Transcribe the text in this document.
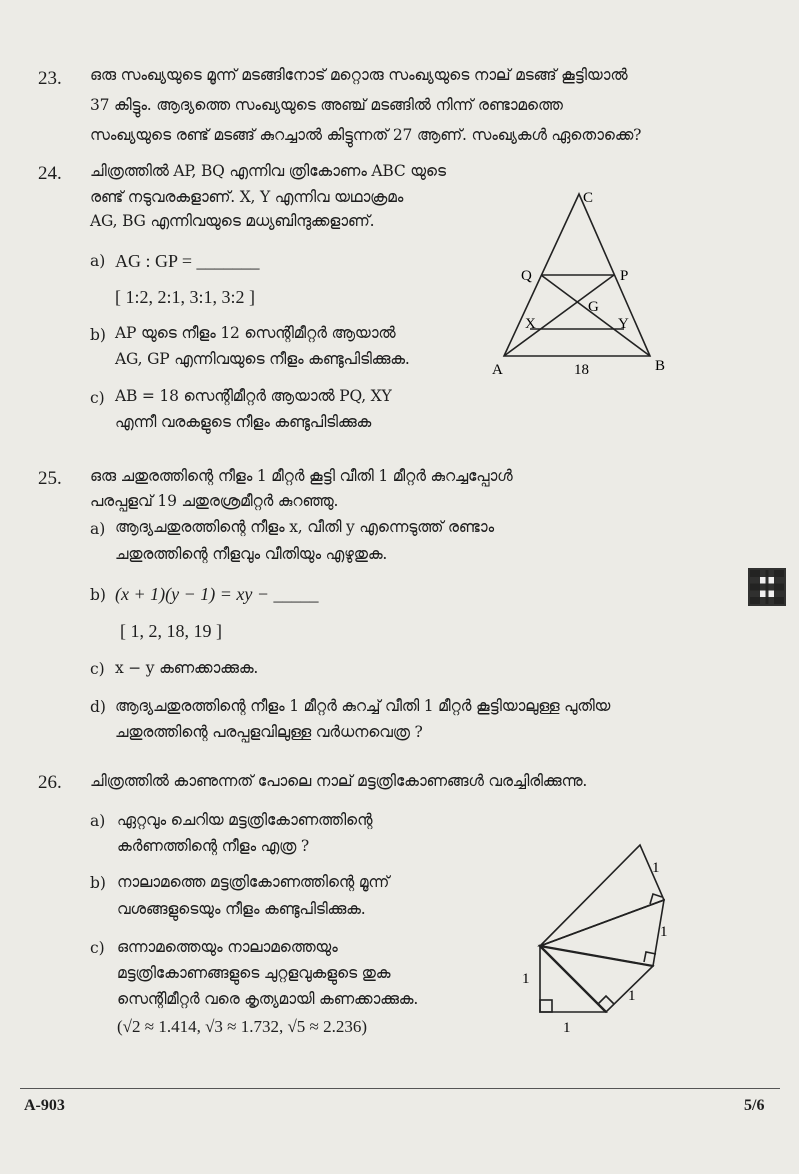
23. ഒരു സംഖ്യയുടെ മൂന്ന് മടങ്ങിനോട് മറ്റൊരു സംഖ്യയുടെ നാല് മടങ്ങ് കൂട്ടിയാൽ
37 കിട്ടും. ആദ്യത്തെ സംഖ്യയുടെ അഞ്ച് മടങ്ങിൽ നിന്ന് രണ്ടാമത്തെ
സംഖ്യയുടെ രണ്ട് മടങ്ങ് കുറച്ചാൽ കിട്ടുന്നത് 27 ആണ്. സംഖ്യകൾ ഏതൊക്കെ?
24. ചിത്രത്തിൽ AP, BQ എന്നിവ ത്രികോണം ABC യുടെ
രണ്ട് നടുവരകളാണ്. X, Y എന്നിവ യഥാക്രമം
AG, BG എന്നിവയുടെ മധ്യബിന്ദുക്കളാണ്.
a) AG : GP = _______
[ 1:2, 2:1, 3:1, 3:2 ]
b) AP യുടെ നീളം 12 സെന്റിമീറ്റർ ആയാൽ
AG, GP എന്നിവയുടെ നീളം കണ്ടുപിടിക്കുക.
c) AB = 18 സെന്റിമീറ്റർ ആയാൽ PQ, XY
എന്നീ വരകളുടെ നീളം കണ്ടുപിടിക്കുക
C
Q	P
G
X	Y
A	B
18
25. ഒരു ചതുരത്തിന്റെ നീളം 1 മീറ്റർ കൂട്ടി വീതി 1 മീറ്റർ കുറച്ചപ്പോൾ
പരപ്പളവ് 19 ചതുരശ്രമീറ്റർ കുറഞ്ഞു.
a) ആദ്യചതുരത്തിന്റെ നീളം x, വീതി y എന്നെടുത്ത് രണ്ടാം
ചതുരത്തിന്റെ നീളവും വീതിയും എഴുതുക.
b) (x + 1)(y − 1) = xy − _____
[ 1, 2, 18, 19 ]
c) x − y കണക്കാക്കുക.
d) ആദ്യചതുരത്തിന്റെ നീളം 1 മീറ്റർ കുറച്ച് വീതി 1 മീറ്റർ കൂട്ടിയാലുള്ള പുതിയ
ചതുരത്തിന്റെ പരപ്പളവിലുള്ള വർധനവെത്ര ?
26. ചിത്രത്തിൽ കാണുന്നത് പോലെ നാല് മട്ടത്രികോണങ്ങൾ വരച്ചിരിക്കുന്നു.
a) ഏറ്റവും ചെറിയ മട്ടത്രികോണത്തിന്റെ
കർണത്തിന്റെ നീളം എത്ര ?
b) നാലാമത്തെ മട്ടത്രികോണത്തിന്റെ മൂന്ന്
വശങ്ങളുടെയും നീളം കണ്ടുപിടിക്കുക.
c) ഒന്നാമത്തെയും നാലാമത്തെയും
മട്ടത്രികോണങ്ങളുടെ ചുറ്റളവുകളുടെ തുക
സെന്റിമീറ്റർ വരെ കൃത്യമായി കണക്കാക്കുക.
(√2 ≈ 1.414, √3 ≈ 1.732, √5 ≈ 2.236)
1
1
1
1
1
A-903	5/6
